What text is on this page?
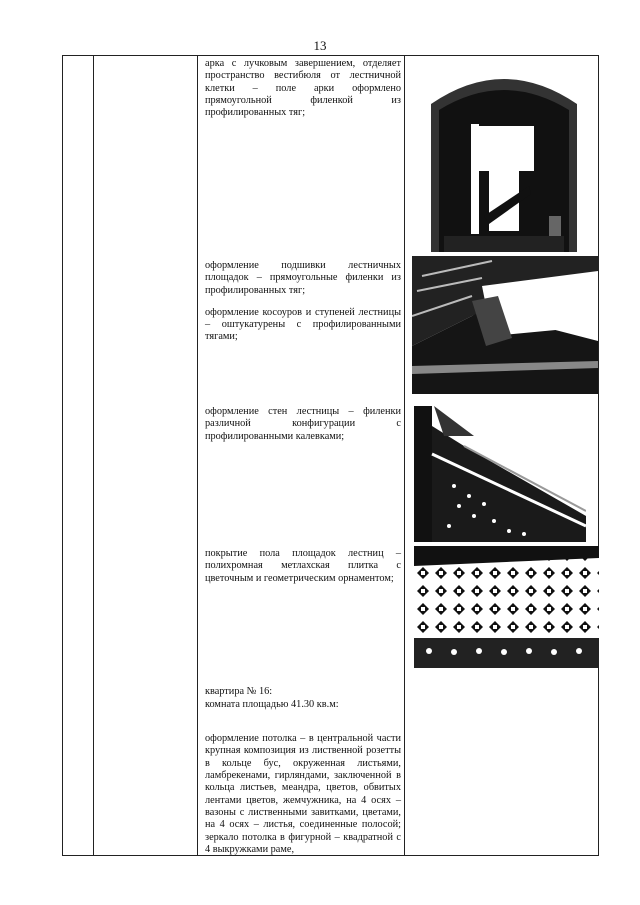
13

арка с лучковым завершением, отделяет пространство вестибюля от лестничной клетки – поле арки оформлено прямоугольной филенкой из профилированных тяг;

оформление подшивки лестничных площадок – прямоугольные филенки из профилированных тяг;

оформление косоуров и ступеней лестницы – оштукатурены с профилированными тягами;

оформление стен лестницы – филенки различной конфигурации с профилированными калевками;

покрытие пола площадок лестниц – полихромная метлахская плитка с цветочным и геометрическим орнаментом;

квартира № 16:
комната площадью 41.30 кв.м:

оформление потолка – в центральной части крупная композиция из лиственной розетты в кольце бус, окруженная листьями, ламбрекенами, гирляндами, заключенной в кольца листьев, меандра, цветов, обвитых лентами цветов, жемчужника, на 4 осях – вазоны с лиственными завитками, цветами, на 4 осях – листья, соединенные полосой; зеркало потолка в фигурной – квадратной с 4 выкружками раме,
